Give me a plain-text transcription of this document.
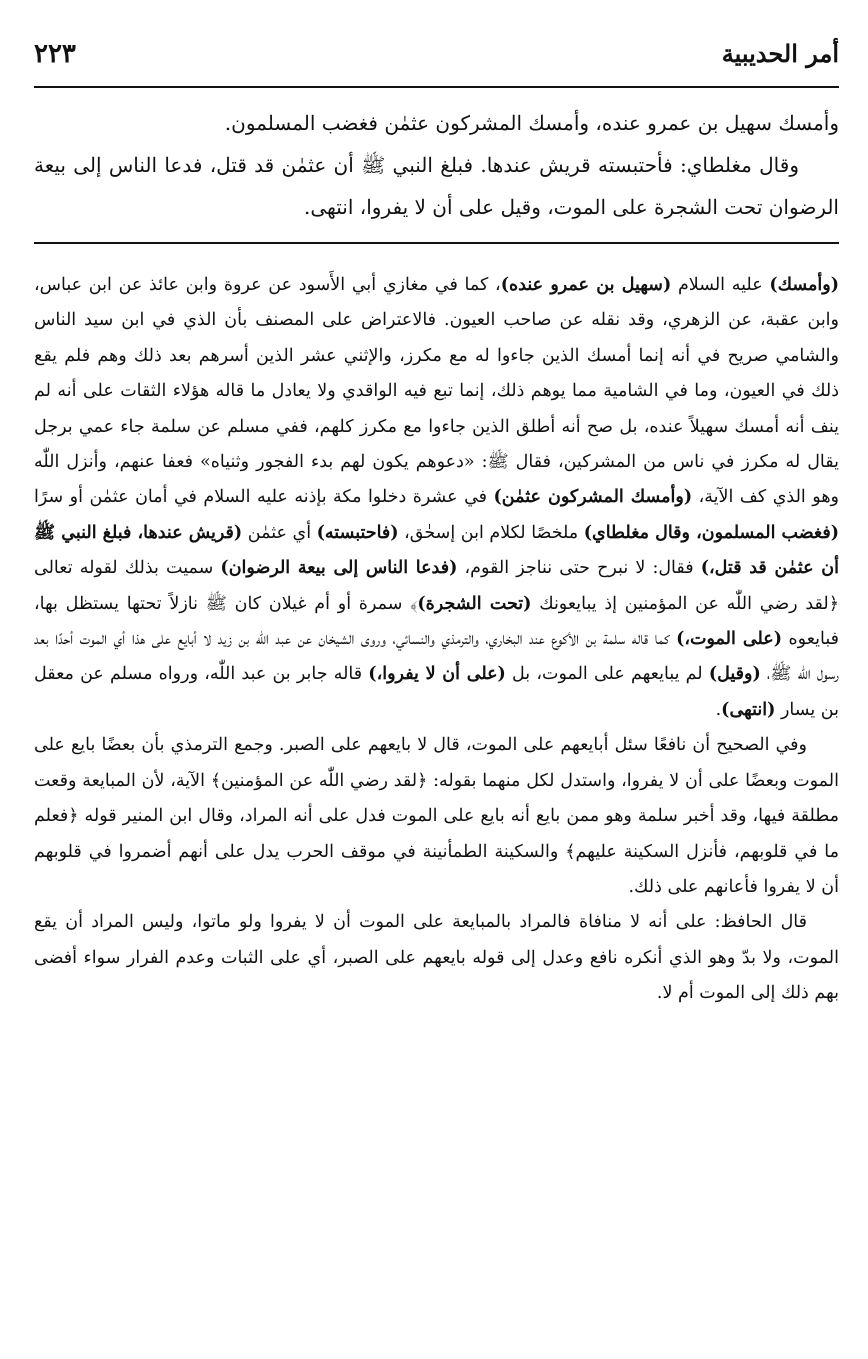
أمر الحديبية
٢٢٣

وأمسك سهيل بن عمرو عنده، وأمسك المشركون عثمٰن فغضب المسلمون.

وقال مغلطاي: فأحتبسته قريش عندها. فبلغ النبي ﷺ أن عثمٰن قد قتل، فدعا الناس إلى بيعة الرضوان تحت الشجرة على الموت، وقيل على أن لا يفروا، انتهى.

(وأمسك) عليه السلام (سهيل بن عمرو عنده)، كما في مغازي أبي الأَسود عن عروة وابن عائذ عن ابن عباس، وابن عقبة، عن الزهري، وقد نقله عن صاحب العيون. فالاعتراض على المصنف بأن الذي في ابن سيد الناس والشامي صريح في أنه إنما أمسك الذين جاءوا له مع مكرز، والإثني عشر الذين أسرهم بعد ذلك وهم فلم يقع ذلك في العيون، وما في الشامية مما يوهم ذلك، إنما تبع فيه الواقدي ولا يعادل ما قاله هؤلاء الثقات على أنه لم ينف أنه أمسك سهيلاً عنده، بل صح أنه أطلق الذين جاءوا مع مكرز كلهم، ففي مسلم عن سلمة جاء عمي برجل يقال له مكرز في ناس من المشركين، فقال ﷺ: «دعوهم يكون لهم بدء الفجور وثنياه» فعفا عنهم، وأنزل اللّٰه وهو الذي كف الآية، (وأمسك المشركون عثمٰن) في عشرة دخلوا مكة بإذنه عليه السلام في أمان عثمٰن أو سرًا (فغضب المسلمون، وقال مغلطاي) ملخصًا لكلام ابن إسحٰق، (فاحتبسته) أي عثمٰن (قريش عندها، فبلغ النبي ﷺ أن عثمٰن قد قتل،) فقال: لا نبرح حتى نناجز القوم، (فدعا الناس إلى بيعة الرضوان) سميت بذلك لقوله تعالى ﴿لقد رضي اللّٰه عن المؤمنين إذ يبايعونك (تحت الشجرة)﴾ سمرة أو أم غيلان كان ﷺ نازلاً تحتها يستظل بها، فبايعوه (على الموت،) كما قاله سلمة بن الأكوع عند البخاري، والترمذي والنسائي، وروى الشيخان عن عبد اللّٰه بن زيد لا أبايع على هذا أي الموت أحدًا بعد رسول اللّٰه ﷺ، (وقيل) لم يبايعهم على الموت، بل (على أن لا يفروا،) قاله جابر بن عبد اللّٰه، ورواه مسلم عن معقل بن يسار (انتهى).

وفي الصحيح أن نافعًا سئل أبايعهم على الموت، قال لا بايعهم على الصبر. وجمع الترمذي بأن بعضًا بايع على الموت وبعضًا على أن لا يفروا، واستدل لكل منهما بقوله: ﴿لقد رضي اللّٰه عن المؤمنين﴾ الآية، لأن المبايعة وقعت مطلقة فيها، وقد أخبر سلمة وهو ممن بايع أنه بايع على الموت فدل على أنه المراد، وقال ابن المنير قوله ﴿فعلم ما في قلوبهم، فأنزل السكينة عليهم﴾ والسكينة الطمأنينة في موقف الحرب يدل على أنهم أضمروا في قلوبهم أن لا يفروا فأعانهم على ذلك.

قال الحافظ: على أنه لا منافاة فالمراد بالمبايعة على الموت أن لا يفروا ولو ماتوا، وليس المراد أن يقع الموت، ولا بدّ وهو الذي أنكره نافع وعدل إلى قوله بايعهم على الصبر، أي على الثبات وعدم الفرار سواء أفضى بهم ذلك إلى الموت أم لا.
